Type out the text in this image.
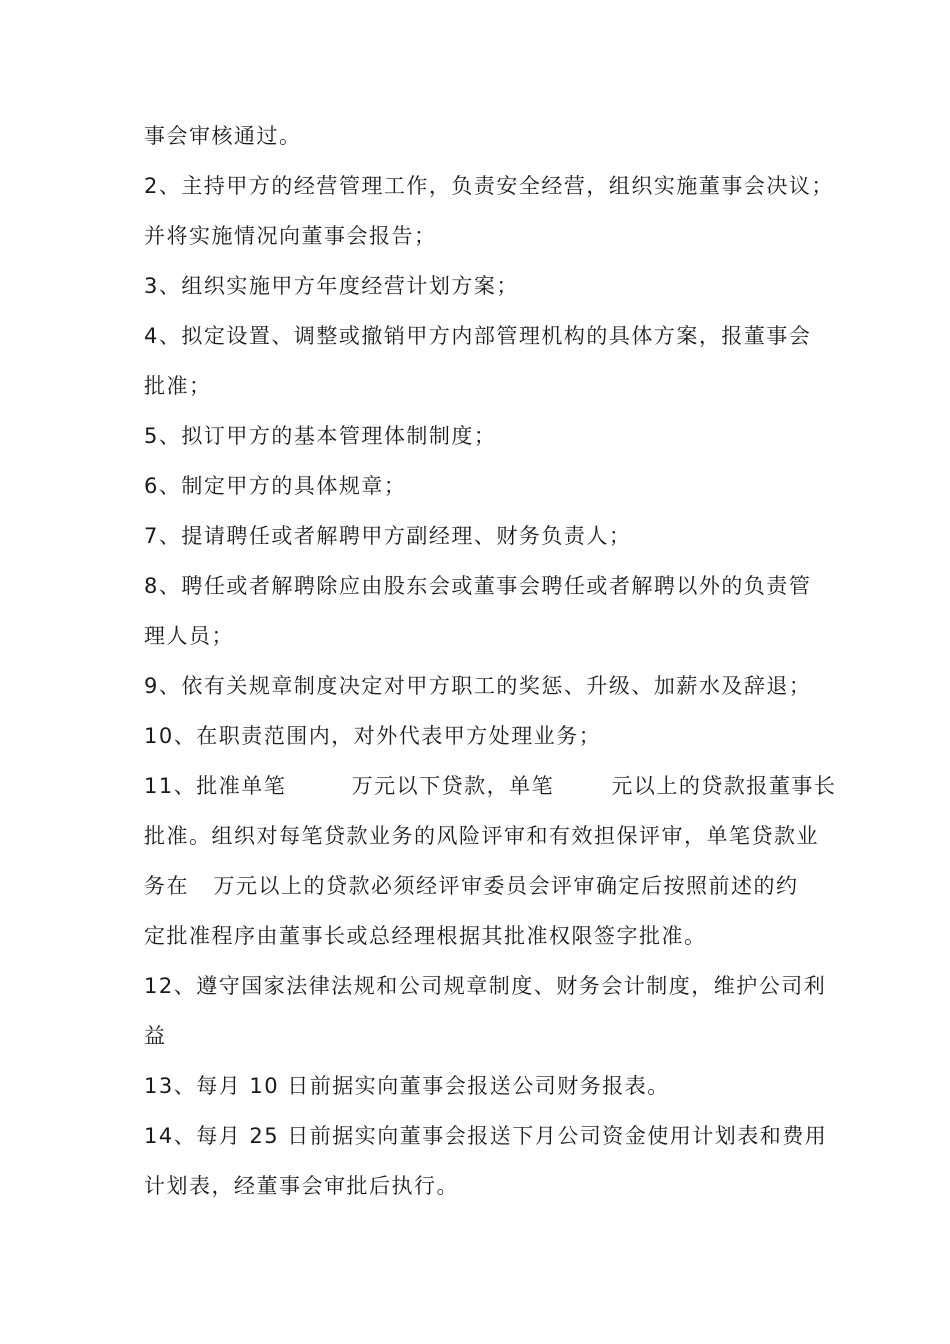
事会审核通过。

2、主持甲方的经营管理工作，负责安全经营，组织实施董事会决议；

并将实施情况向董事会报告；

3、组织实施甲方年度经营计划方案；

4、拟定设置、调整或撤销甲方内部管理机构的具体方案，报董事会

批准；

5、拟订甲方的基本管理体制制度；

6、制定甲方的具体规章；

7、提请聘任或者解聘甲方副经理、财务负责人；

8、聘任或者解聘除应由股东会或董事会聘任或者解聘以外的负责管

理人员；

9、依有关规章制度决定对甲方职工的奖惩、升级、加薪水及辞退；

10、在职责范围内，对外代表甲方处理业务；

11、批准单笔        万元以下贷款，单笔       元以上的贷款报董事长

批准。组织对每笔贷款业务的风险评审和有效担保评审，单笔贷款业

务在   万元以上的贷款必须经评审委员会评审确定后按照前述的约

定批准程序由董事长或总经理根据其批准权限签字批准。

12、遵守国家法律法规和公司规章制度、财务会计制度，维护公司利

益

13、每月 10 日前据实向董事会报送公司财务报表。

14、每月 25 日前据实向董事会报送下月公司资金使用计划表和费用

计划表，经董事会审批后执行。
